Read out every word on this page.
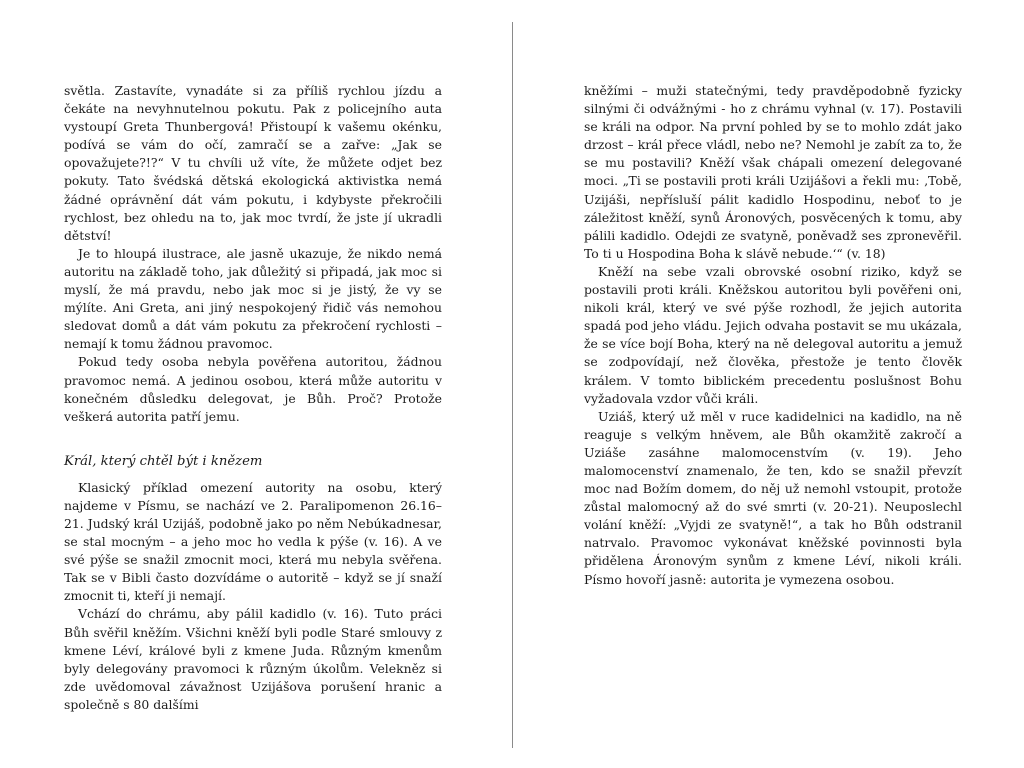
světla. Zastavíte, vynadáte si za příliš rychlou jízdu a čekáte na nevyhnutelnou pokutu. Pak z policejního auta vystoupí Greta Thunbergová! Přistoupí k vašemu okénku, podívá se vám do očí, zamračí se a zařve: „Jak se opovažujete?!?“ V tu chvíli už víte, že můžete odjet bez pokuty. Tato švédská dětská ekologická aktivistka nemá žádné oprávnění dát vám pokutu, i kdybyste překročili rychlost, bez ohledu na to, jak moc tvrdí, že jste jí ukradli dětství!

Je to hloupá ilustrace, ale jasně ukazuje, že nikdo nemá autoritu na základě toho, jak důležitý si připadá, jak moc si myslí, že má pravdu, nebo jak moc si je jistý, že vy se mýlíte. Ani Greta, ani jiný nespokojený řidič vás nemohou sledovat domů a dát vám pokutu za překročení rychlosti – nemají k tomu žádnou pravomoc.

Pokud tedy osoba nebyla pověřena autoritou, žádnou pravomoc nemá. A jedinou osobou, která může autoritu v konečném důsledku delegovat, je Bůh. Proč? Protože veškerá autorita patří jemu.

Král, který chtěl být i knězem

Klasický příklad omezení autority na osobu, který najdeme v Písmu, se nachází ve 2. Paralipomenon 26.16–21. Judský král Uzijáš, podobně jako po něm Nebúkadnesar, se stal mocným – a jeho moc ho vedla k pýše (v. 16). A ve své pýše se snažil zmocnit moci, která mu nebyla svěřena. Tak se v Bibli často dozvídáme o autoritě – když se jí snaží zmocnit ti, kteří ji nemají.

Vchází do chrámu, aby pálil kadidlo (v. 16). Tuto práci Bůh svěřil kněžím. Všichni kněží byli podle Staré smlouvy z kmene Léví, králové byli z kmene Juda. Různým kmenům byly delegovány pravomoci k různým úkolům. Velekněz si zde uvědomoval závažnost Uzijášova porušení hranic a společně s 80 dalšími

kněžími – muži statečnými, tedy pravděpodobně fyzicky silnými či odvážnými - ho z chrámu vyhnal (v. 17). Postavili se králi na odpor. Na první pohled by se to mohlo zdát jako drzost – král přece vládl, nebo ne? Nemohl je zabít za to, že se mu postavili? Kněží však chápali omezení delegované moci. „Ti se postavili proti králi Uzijášovi a řekli mu: ‚Tobě, Uzijáši, nepřísluší pálit kadidlo Hospodinu, neboť to je záležitost kněží, synů Áronových, posvěcených k tomu, aby pálili kadidlo. Odejdi ze svatyně, poněvadž ses zpronevěřil. To ti u Hospodina Boha k slávě nebude.‘“ (v. 18)

Kněží na sebe vzali obrovské osobní riziko, když se postavili proti králi. Kněžskou autoritou byli pověřeni oni, nikoli král, který ve své pýše rozhodl, že jejich autorita spadá pod jeho vládu. Jejich odvaha postavit se mu ukázala, že se více bojí Boha, který na ně delegoval autoritu a jemuž se zodpovídají, než člověka, přestože je tento člověk králem. V tomto biblickém precedentu poslušnost Bohu vyžadovala vzdor vůči králi.

Uziáš, který už měl v ruce kadidelnici na kadidlo, na ně reaguje s velkým hněvem, ale Bůh okamžitě zakročí a Uziáše zasáhne malomocenstvím (v. 19). Jeho malomocenství znamenalo, že ten, kdo se snažil převzít moc nad Božím domem, do něj už nemohl vstoupit, protože zůstal malomocný až do své smrti (v. 20-21). Neuposlechl volání kněží: „Vyjdi ze svatyně!“, a tak ho Bůh odstranil natrvalo. Pravomoc vykonávat kněžské povinnosti byla přidělena Áronovým synům z kmene Léví, nikoli králi. Písmo hovoří jasně: autorita je vymezena osobou.
